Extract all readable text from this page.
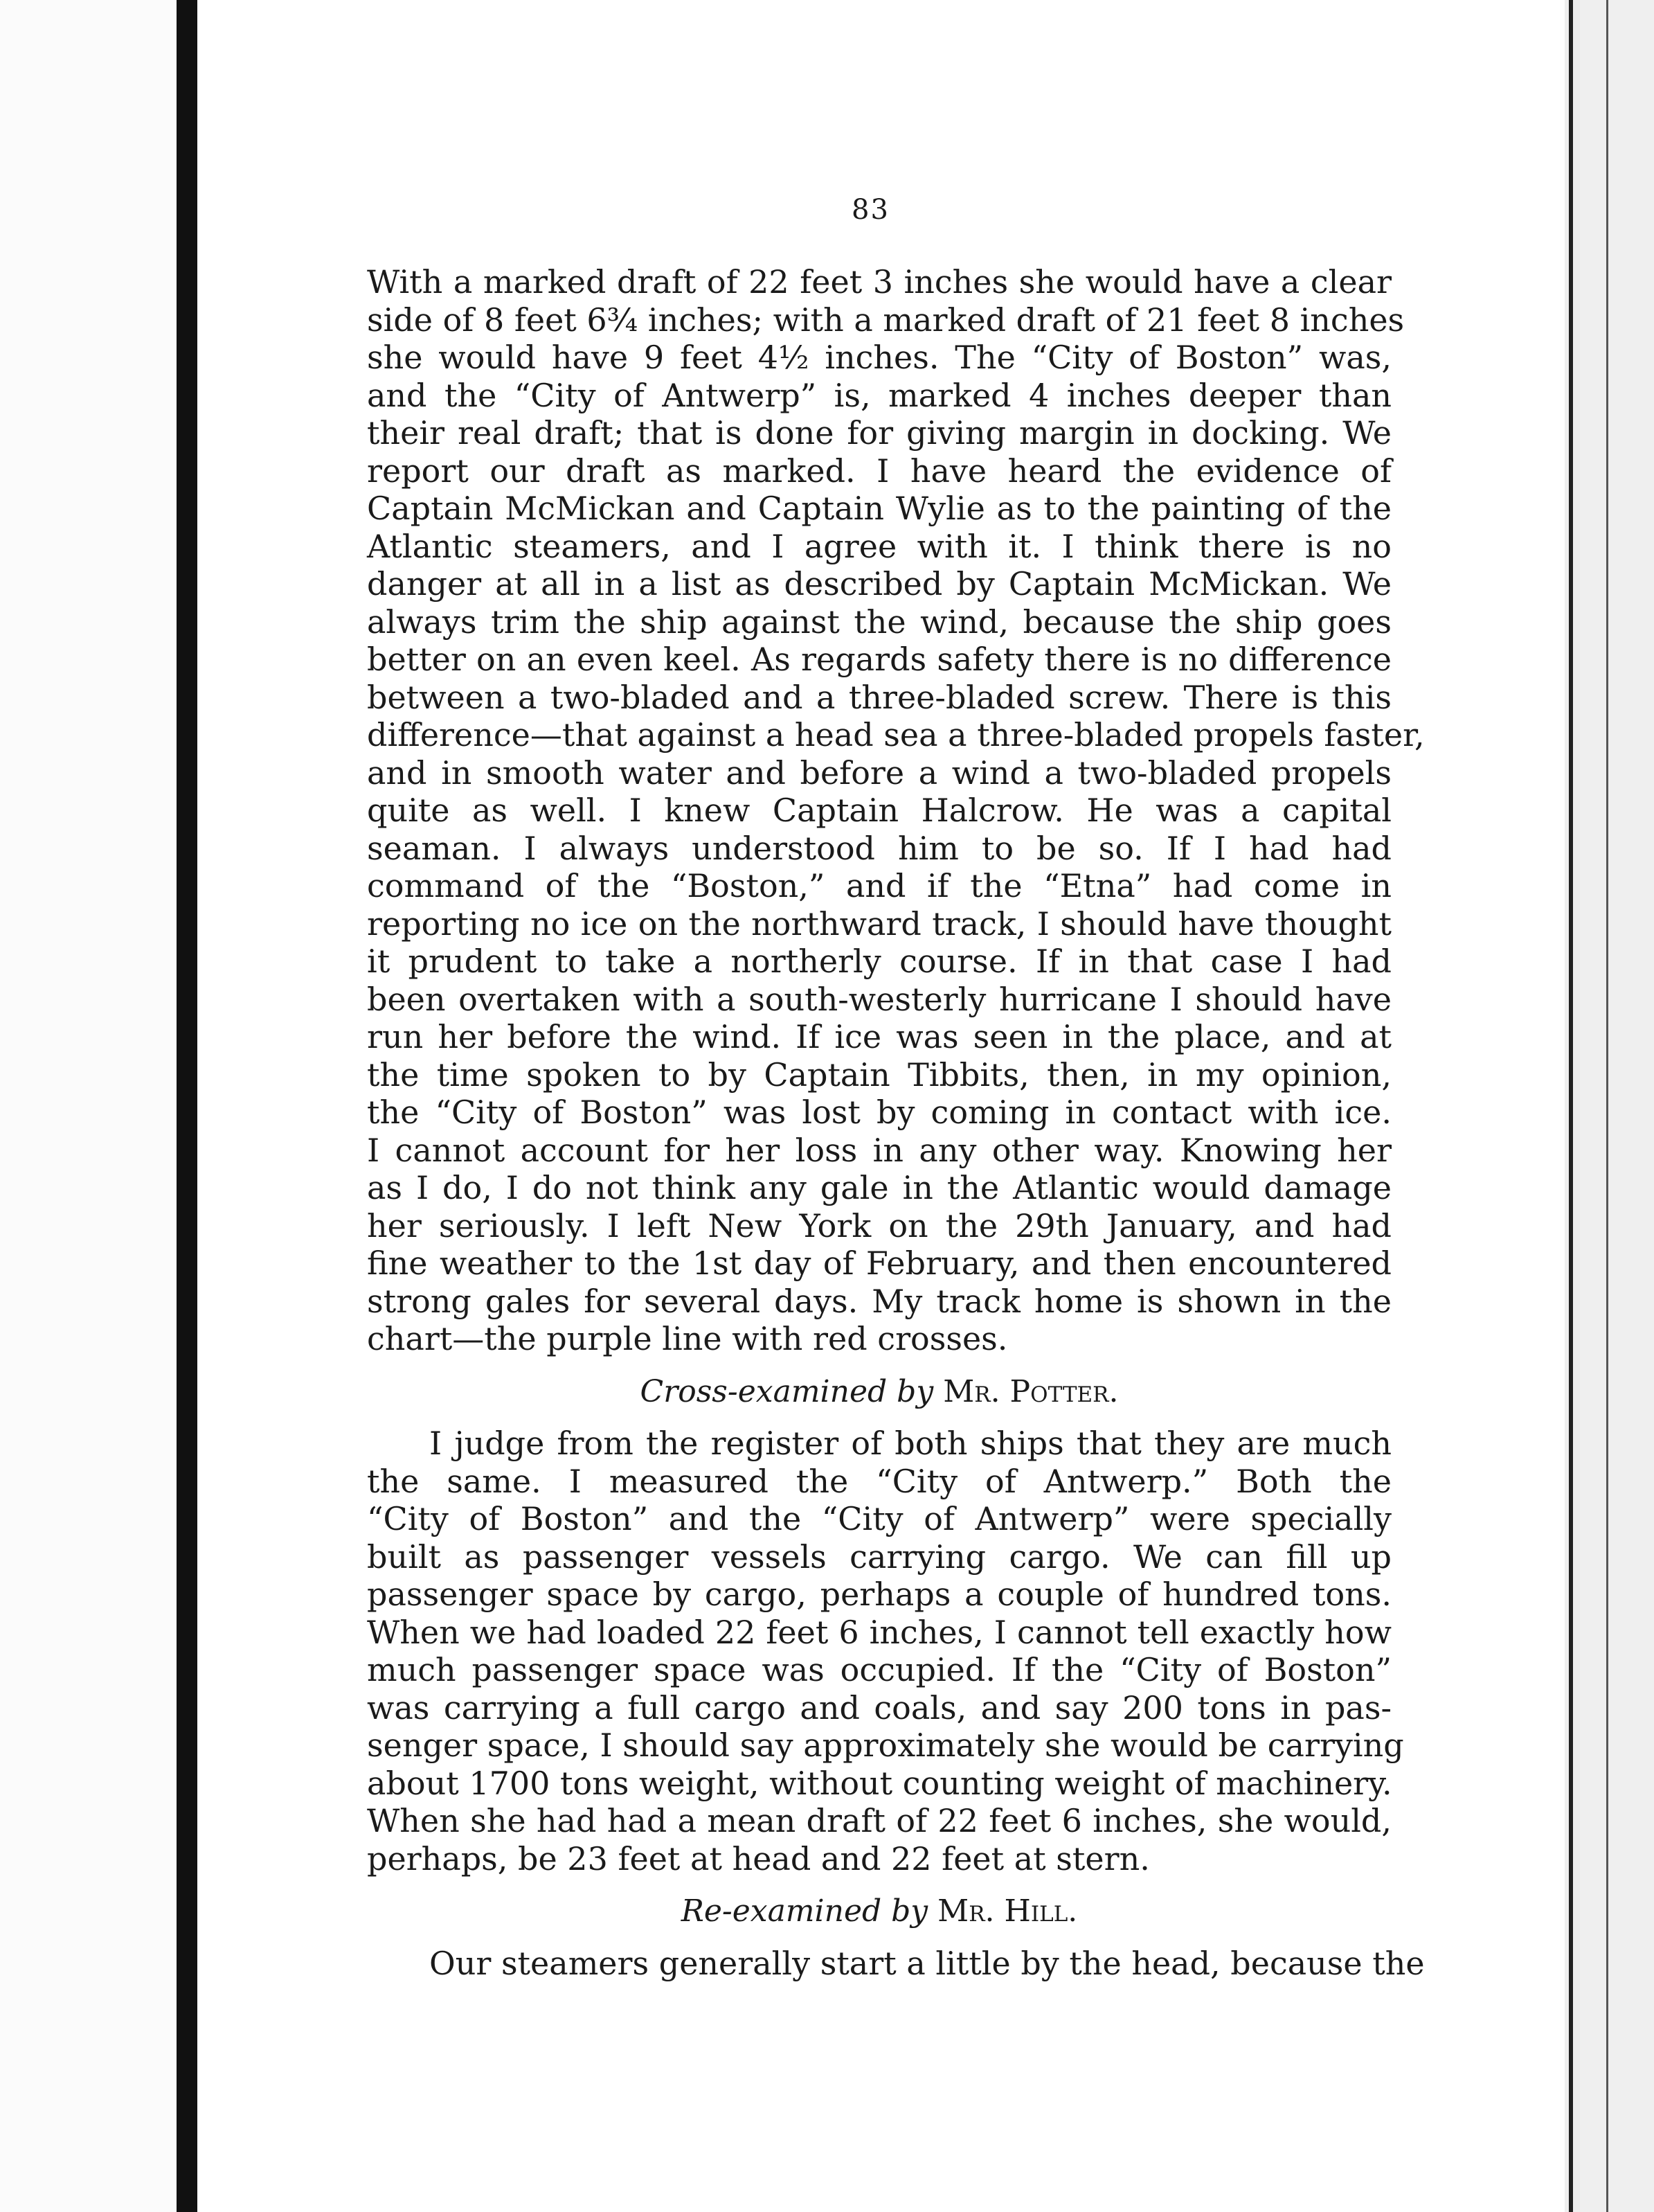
83
With a marked draft of 22 feet 3 inches she would have a clear
side of 8 feet 6¾ inches; with a marked draft of 21 feet 8 inches
she would have 9 feet 4½ inches. The “City of Boston” was,
and the “City of Antwerp” is, marked 4 inches deeper than
their real draft; that is done for giving margin in docking. We
report our draft as marked. I have heard the evidence of
Captain McMickan and Captain Wylie as to the painting of the
Atlantic steamers, and I agree with it. I think there is no
danger at all in a list as described by Captain McMickan. We
always trim the ship against the wind, because the ship goes
better on an even keel. As regards safety there is no difference
between a two-bladed and a three-bladed screw. There is this
difference—that against a head sea a three-bladed propels faster,
and in smooth water and before a wind a two-bladed propels
quite as well. I knew Captain Halcrow. He was a capital
seaman. I always understood him to be so. If I had had
command of the “Boston,” and if the “Etna” had come in
reporting no ice on the northward track, I should have thought
it prudent to take a northerly course. If in that case I had
been overtaken with a south-westerly hurricane I should have
run her before the wind. If ice was seen in the place, and at
the time spoken to by Captain Tibbits, then, in my opinion,
the “City of Boston” was lost by coming in contact with ice.
I cannot account for her loss in any other way. Knowing her
as I do, I do not think any gale in the Atlantic would damage
her seriously. I left New York on the 29th January, and had
fine weather to the 1st day of February, and then encountered
strong gales for several days. My track home is shown in the
chart—the purple line with red crosses.
Cross-examined by Mr. Potter.
I judge from the register of both ships that they are much
the same. I measured the “City of Antwerp.” Both the
“City of Boston” and the “City of Antwerp” were specially
built as passenger vessels carrying cargo. We can fill up
passenger space by cargo, perhaps a couple of hundred tons.
When we had loaded 22 feet 6 inches, I cannot tell exactly how
much passenger space was occupied. If the “City of Boston”
was carrying a full cargo and coals, and say 200 tons in pas-
senger space, I should say approximately she would be carrying
about 1700 tons weight, without counting weight of machinery.
When she had had a mean draft of 22 feet 6 inches, she would,
perhaps, be 23 feet at head and 22 feet at stern.
Re-examined by Mr. Hill.
Our steamers generally start a little by the head, because the
